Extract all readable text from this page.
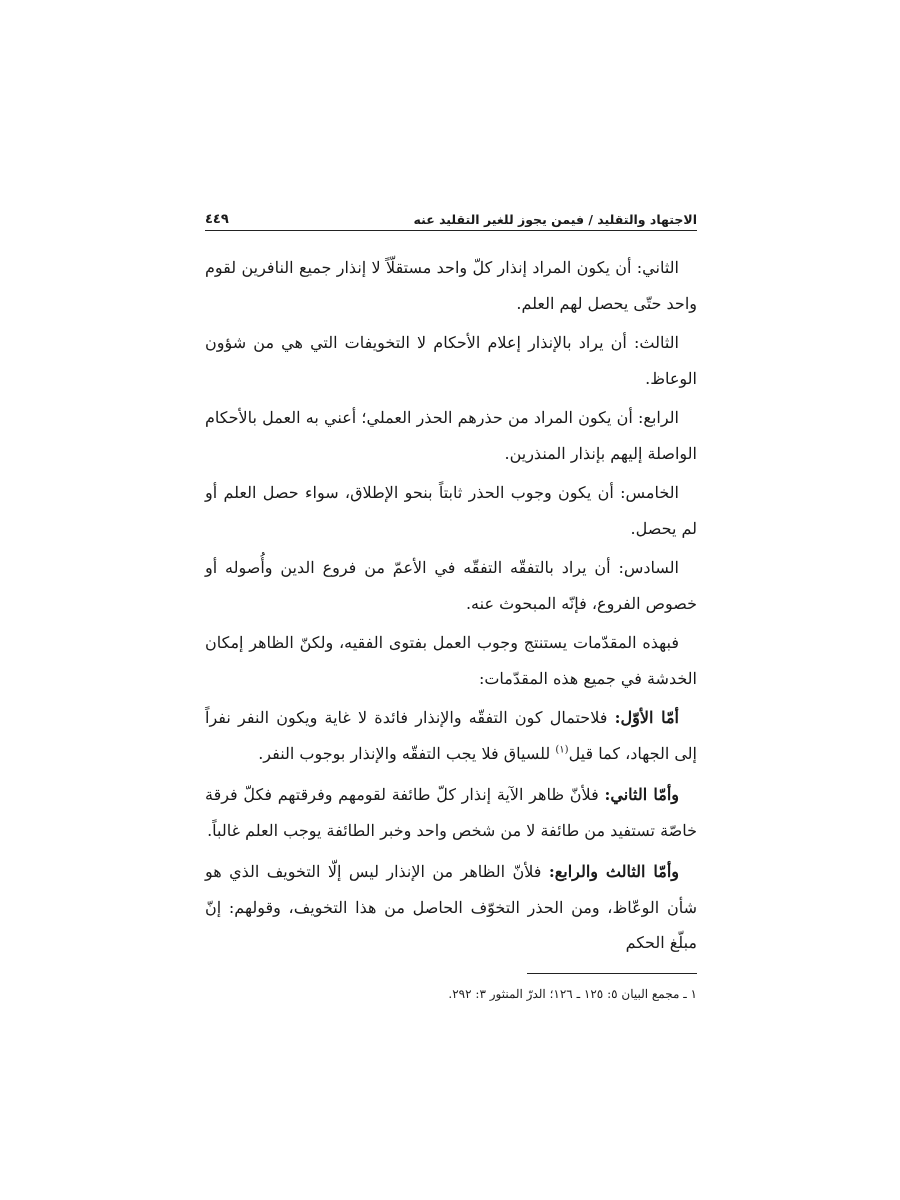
الاجتهاد والتقليد / فيمن يجوز للغير التقليد عنه
٤٤٩

الثاني: أن يكون المراد إنذار كلّ واحد مستقلّاً لا إنذار جميع النافرين لقوم واحد حتّى يحصل لهم العلم.

الثالث: أن يراد بالإنذار إعلام الأحكام لا التخويفات التي هي من شؤون الوعاظ.

الرابع: أن يكون المراد من حذرهم الحذر العملي؛ أعني به العمل بالأحكام الواصلة إليهم بإنذار المنذرين.

الخامس: أن يكون وجوب الحذر ثابتاً بنحو الإطلاق، سواء حصل العلم أو لم يحصل.

السادس: أن يراد بالتفقّه التفقّه في الأعمّ من فروع الدين وأُصوله أو خصوص الفروع، فإنّه المبحوث عنه.

فبهذه المقدّمات يستنتج وجوب العمل بفتوى الفقيه، ولكنّ الظاهر إمكان الخدشة في جميع هذه المقدّمات:

أمّا الأوّل: فلاحتمال كون التفقّه والإنذار فائدة لا غاية ويكون النفر نفراً إلى الجهاد، كما قيل$^{(١)}$ للسياق فلا يجب التفقّه والإنذار بوجوب النفر.

وأمّا الثاني: فلأنّ ظاهر الآية إنذار كلّ طائفة لقومهم وفرقتهم فكلّ فرقة خاصّة تستفيد من طائفة لا من شخص واحد وخبر الطائفة يوجب العلم غالباً.

وأمّا الثالث والرابع: فلأنّ الظاهر من الإنذار ليس إلّا التخويف الذي هو شأن الوعّاظ، ومن الحذر التخوّف الحاصل من هذا التخويف، وقولهم: إنّ مبلّغ الحكم

١ ـ مجمع البيان ٥: ١٢٥ ـ ١٢٦؛ الدرّ المنثور ٣: ٢٩٢.
